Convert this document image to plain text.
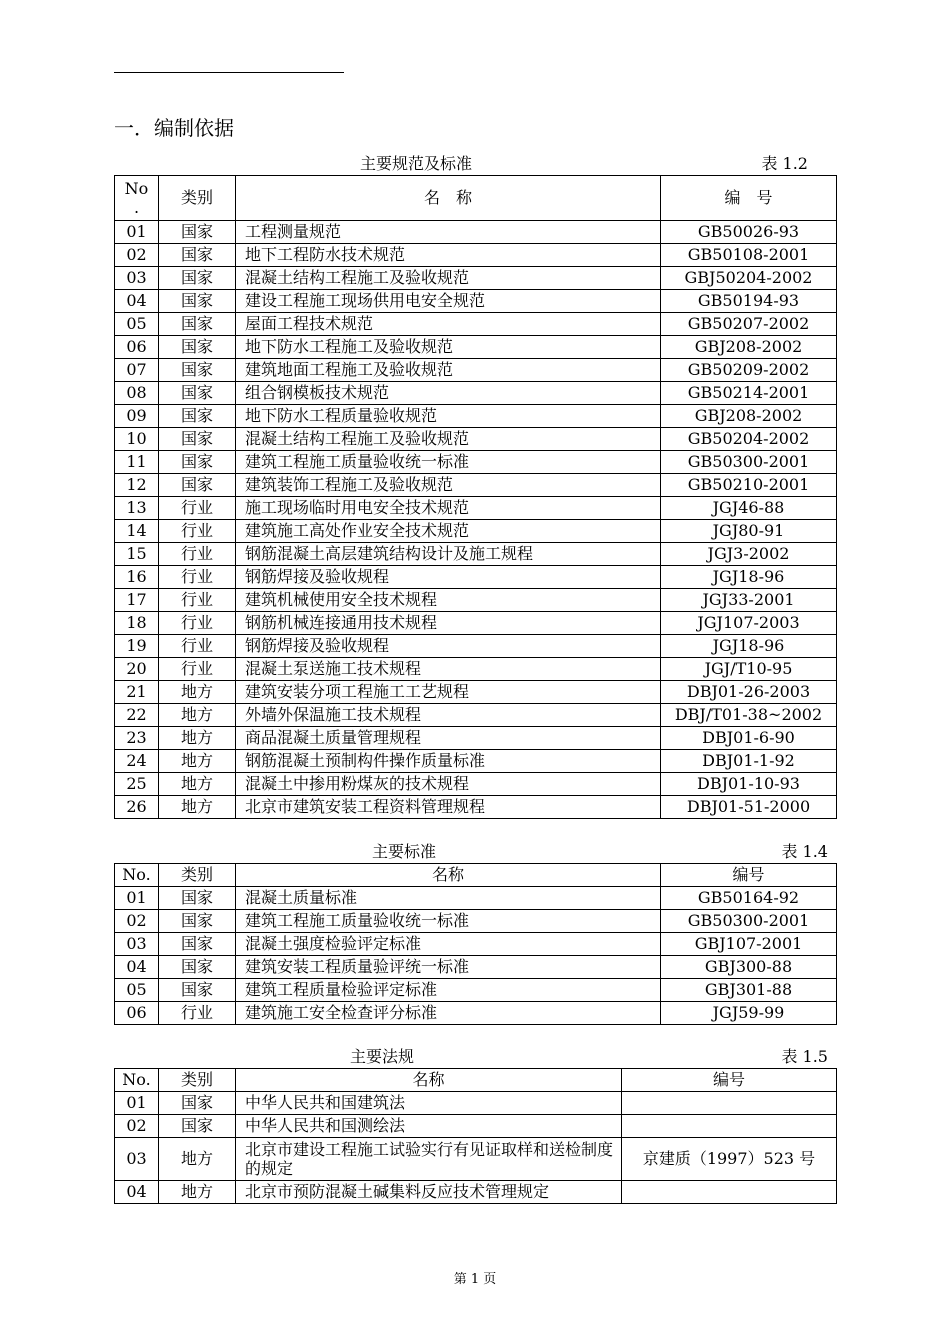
一．编制依据
主要规范及标准	表 1.2
No
.	类别	名　称	编　号
01	国家	工程测量规范	GB50026-93
02	国家	地下工程防水技术规范	GB50108-2001
03	国家	混凝土结构工程施工及验收规范	GBJ50204-2002
04	国家	建设工程施工现场供用电安全规范	GB50194-93
05	国家	屋面工程技术规范	GB50207-2002
06	国家	地下防水工程施工及验收规范	GBJ208-2002
07	国家	建筑地面工程施工及验收规范	GB50209-2002
08	国家	组合钢模板技术规范	GB50214-2001
09	国家	地下防水工程质量验收规范	GBJ208-2002
10	国家	混凝土结构工程施工及验收规范	GB50204-2002
11	国家	建筑工程施工质量验收统一标准	GB50300-2001
12	国家	建筑装饰工程施工及验收规范	GB50210-2001
13	行业	施工现场临时用电安全技术规范	JGJ46-88
14	行业	建筑施工高处作业安全技术规范	JGJ80-91
15	行业	钢筋混凝土高层建筑结构设计及施工规程	JGJ3-2002
16	行业	钢筋焊接及验收规程	JGJ18-96
17	行业	建筑机械使用安全技术规程	JGJ33-2001
18	行业	钢筋机械连接通用技术规程	JGJ107-2003
19	行业	钢筋焊接及验收规程	JGJ18-96
20	行业	混凝土泵送施工技术规程	JGJ/T10-95
21	地方	建筑安装分项工程施工工艺规程	DBJ01-26-2003
22	地方	外墙外保温施工技术规程	DBJ/T01-38~2002
23	地方	商品混凝土质量管理规程	DBJ01-6-90
24	地方	钢筋混凝土预制构件操作质量标准	DBJ01-1-92
25	地方	混凝土中掺用粉煤灰的技术规程	DBJ01-10-93
26	地方	北京市建筑安装工程资料管理规程	DBJ01-51-2000
主要标准	表 1.4
No.	类别	名称	编号
01	国家	混凝土质量标准	GB50164-92
02	国家	建筑工程施工质量验收统一标准	GB50300-2001
03	国家	混凝土强度检验评定标准	GBJ107-2001
04	国家	建筑安装工程质量验评统一标准	GBJ300-88
05	国家	建筑工程质量检验评定标准	GBJ301-88
06	行业	建筑施工安全检查评分标准	JGJ59-99
主要法规	表 1.5
No.	类别	名称	编号
01	国家	中华人民共和国建筑法	
02	国家	中华人民共和国测绘法	
03	地方	北京市建设工程施工试验实行有见证取样和送检制度的规定	京建质（1997）523 号
04	地方	北京市预防混凝土碱集料反应技术管理规定	
第 1 页
